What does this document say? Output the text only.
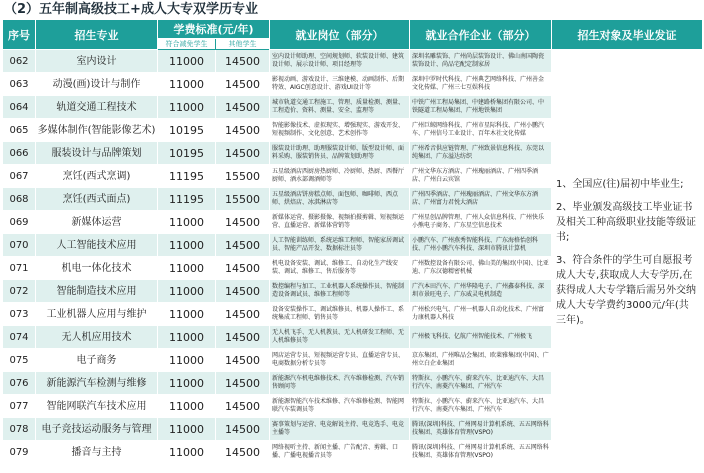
（2）五年制高级技工+成人大专双学历专业
序号	招生专业	学费标准(元/年)		就业岗位（部分）	就业合作企业（部分）	招生对象及毕业发证
		符合减免学生	其他学生			
062	室内设计	11000	14500	室内设计师助理、空间规划师、软装设计师、建筑设计师、展示设计师、项目经理等	深圳名雕装饰、广州尚层装饰设计、佛山南国陶瓷装饰设计、尚品宅配定制家居	1、全国应(往)届初中毕业生;
2、毕业颁发高级技工毕业证书及相关工种高级职业技能等级证书;
3、符合条件的学生可自愿报考成人大专,获取成人大专学历,在获得成人大专学籍后需另外交纳成人大专学费约3000元/年(共三年)。

063	动漫(画)设计与制作	11000	14500	影视动画、游戏设计、三维建模、动画制作、后期特效、AIGC创意设计、游戏UI设计等	深圳中罗时代科技、广州典艺网络科技、广州善金文化传媒、广州三七互娱科技	
064	轨道交通工程技术	11000	14500	城市轨道交通工程施工、管理、质量检测、测量、工程造价、资料、测量、安全、监理等	中铁广州工程局集团、中建路桥集团有限公司、中铁隧道工程局集团、广州地铁集团	
065	多媒体制作(智能影像艺术)	10195	14500	智能影像技术、虚拟现实、增强现实、游戏开发、短视频制作、文化创意、艺术创作等	广州巨鲸网络科技、广州市星际科技、广州小鹏汽车、广州信号工业设计、百年木社文化传媒	
066	服装设计与品牌策划	10195	14500	服装设计助理、助理服装设计师、版型设计师、面料采购、服装销售员、品牌策划助理等	广州希音供应链管理、广州致景信息科技、东莞以纯集团、广东溢达纺织	
067	烹饪(西式烹调)	11195	15500	五星级酒店西厨房热厨师、冷厨师、热厨、西餐厅厨师、酒水部调酒师等	广州文华东方酒店、广州瑰丽酒店、广州四季酒店、广州白云宾馆	
068	烹饪(西式面点)	11195	15500	五星级酒店饼房糕点师、面包师、咖啡师、西点师、烘焙店、冰淇淋店等	广州四季酒店、广州瑰丽酒店、广州文华东方酒店、广州富力君悦大酒店	
069	新媒体运营	11000	14500	新媒体运营、摄影摄像、视频拍摄剪辑、短视频运营、直播运营、新媒体营销等	广州星创品牌管理、广州人众信息科技、广州快乐小熊电子商务、广东星空信息技术	
070	人工智能技术应用	11000	14500	人工智能训练师、系统运维工程师、智能家居调试员、智能产品开发、数据标注员等	小鹏汽车、广州燕秀智能科技、广东海格怡创科技、广州小鹏汽车科技、深圳市腾讯计算机	
071	机电一体化技术	11000	14500	机电设备安装、调试、维修工、自动化生产线安装、调试、维修工、售后服务等	广州数控设备有限公司、佛山美的集团(中国)、比亚迪、广东汉德精密机械	
072	智能制造技术应用	11000	14500	数控编程与加工、工业机器人系统操作员、智能制造设备调试员、维修工程师等	广汽本田汽车、广州华隆电子、广州鑫泰科技、深圳市景旺电子、广东威灵电机制造	
073	工业机器人应用与维护	11000	14500	设备安装操作工、调试维修员、机器人操作工、系统集成工程师、销售员等	广州松兴电气、广州一机器人自动化技术、广州富力康机器人科技	
074	无人机应用技术	11000	14500	无人机飞手、无人机教员、无人机研发工程师、无人机维修员等	广州极飞科技、亿航广州智能技术、广州极飞	
075	电子商务	11000	14500	网店运营专员、短视频运营专员、直播运营专员、电商数据分析专员等	京东集团、广州唯品会集团、欧莱雅集团(中国)、广州立白企业集团	
076	新能源汽车检测与维修	11000	14500	新能源汽车机电维修技术、汽车维修检测、汽车销售顾问等	特斯拉、小鹏汽车、蔚来汽车、比亚迪汽车、大昌行汽车、南菱汽车集团、广州汽车	
077	智能网联汽车技术应用	11000	14500	新能源智能汽车技术维修、汽车维修检测、智能网联汽车装调员等	特斯拉、小鹏汽车、蔚来汽车、比亚迪汽车、大昌行汽车、南菱汽车集团、广州汽车	
078	电子竞技运动服务与管理	11000	14500	赛事策划与运营、电竞解说主持、电竞选手、电竞主播等	腾讯(深圳)科技、广州网易计算机系统、五五网络科技集团、英雄体育管理(VSPO)	
079	播音与主持	11000	14500	网络视听主持、新闻主播、广告配音、剪辑、口播、广播电视播音员等	腾讯(深圳)科技、广州网易计算机系统、五五网络科技集团、英雄体育管理(VSPO)	
